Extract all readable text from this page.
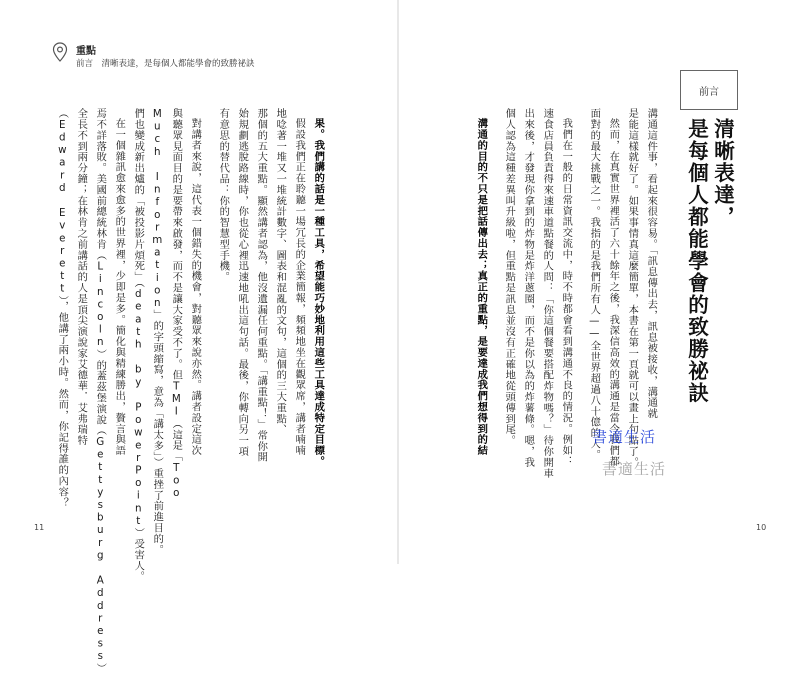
重點
前言　清晰表達，是每個人都能學會的致勝祕訣
前言
清晰表達，
是每個人都能學會的致勝祕訣
溝通這件事，看起來很容易。「訊息傳出去，訊息被接收，溝通就
是能這樣就好了。如果事情真這麼簡單，本書在第一頁就可以畫上句點了。
然而，在真實世界裡活了六十餘年之後，我深信高效的溝通是當今我們都
面對的最大挑戰之一。我指的是我們所有人——全世界超過八十億的人。
我們在一般的日常資訊交流中，時不時都會看到溝通不良的情況。例如：
速食店員負責得來速車道點餐的人問：「你這個餐要搭配炸物嗎？」待你開車
出來後，才發現你拿到的炸物是炸洋蔥圈，而不是你以為的炸薯條。嗯，我
個人認為這種差異叫升級啦，但重點是訊息並沒有正確地從頭傳到尾。
溝通的目的不只是把話傳出去；真正的重點，是要達成我們想得到的結	書適生活
書適生活
10
果。我們講的話是一種工具，希望能巧妙地利用這些工具達成特定目標。
假設我們正在聆聽一場冗長的企業簡報，頻頻地坐在觀眾席，講者喃喃
地唸著一堆又一堆統計數字、圖表和混亂的文句，這個的三大重點、
那個的五大重點。顯然講者認為，他沒遺漏任何重點。「講重點！」常你開
始規劃逃脫路線時，你也從心裡迅速地吼出這句話。最後，你轉向另一項
有意思的替代品：你的智慧型手機。
對講者來說，這代表一個錯失的機會，對聽眾來說亦然。講者設定這次
與聽眾見面目的是要帶來啟發，而不是讓大家受不了。但TMI（這是「Too
Much Information」的字頭縮寫，意為「講太多」）重挫了前進目的。
們也變成新出爐的「被投影片煩死」（death by PowerPoint）受害人。
在一個雜訊愈來愈多的世界裡，少即是多。簡化與精練勝出，贅言與語
焉不詳落敗。美國前總統林肯（Lincoln）的蓋茲堡演說（Gettysburg Address）
全長不到兩分鐘；在林肯之前講話的人是頂尖演說家艾德華．艾弗瑞特
（Edward Everett），他講了兩小時。然而，你記得誰的內容？
11
